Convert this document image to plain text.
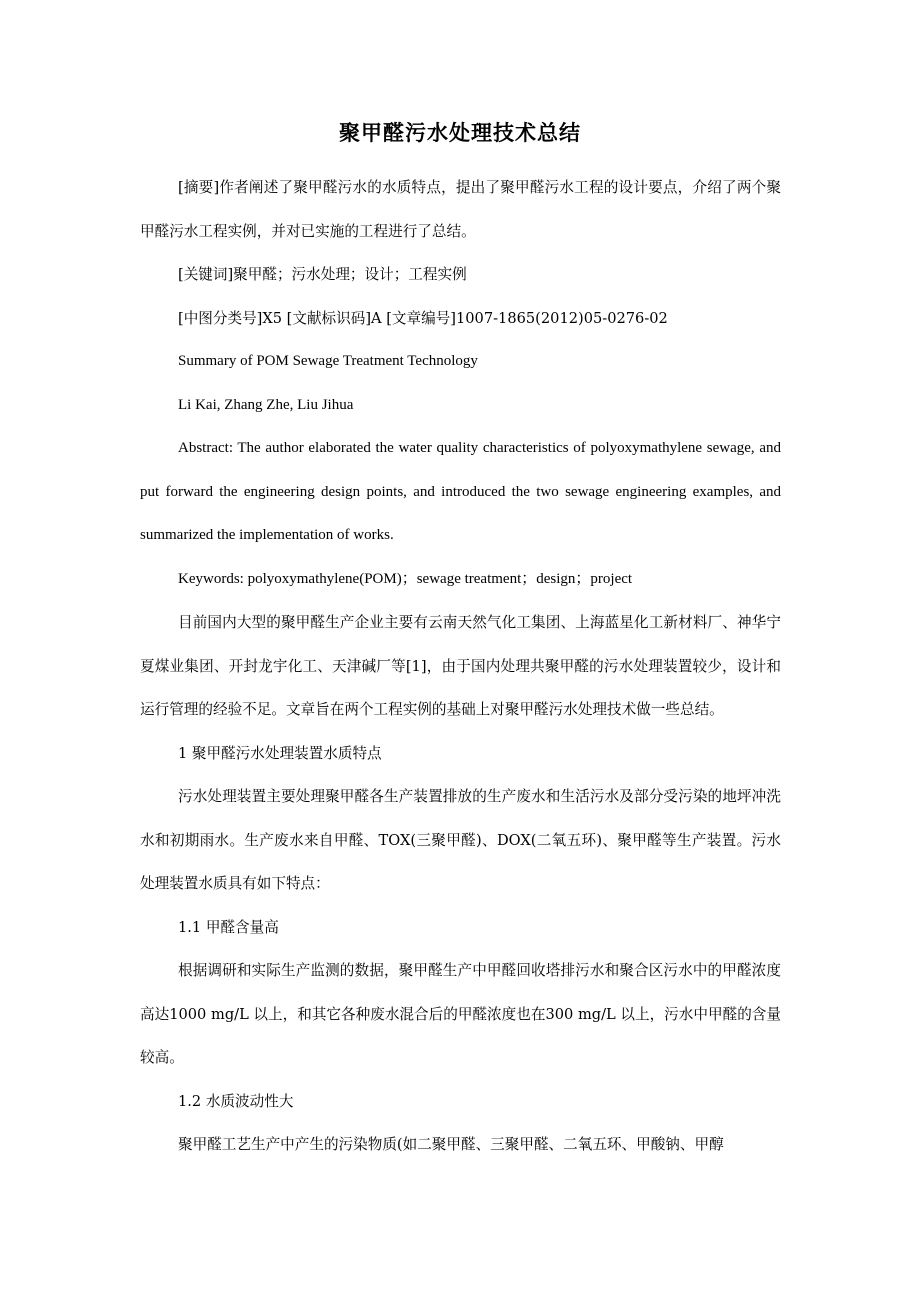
聚甲醛污水处理技术总结

[摘要]作者阐述了聚甲醛污水的水质特点，提出了聚甲醛污水工程的设计要点，介绍了两个聚甲醛污水工程实例，并对已实施的工程进行了总结。

[关键词]聚甲醛；污水处理；设计；工程实例

[中图分类号]X5 [文献标识码]A [文章编号]1007-1865(2012)05-0276-02

Summary of POM Sewage Treatment Technology

Li Kai, Zhang Zhe, Liu Jihua

Abstract: The author elaborated the water quality characteristics of polyoxymathylene sewage, and put forward the engineering design points, and introduced the two sewage engineering examples, and summarized the implementation of works.

Keywords: polyoxymathylene(POM)；sewage treatment；design；project

目前国内大型的聚甲醛生产企业主要有云南天然气化工集团、上海蓝星化工新材料厂、神华宁夏煤业集团、开封龙宇化工、天津碱厂等[1]，由于国内处理共聚甲醛的污水处理装置较少，设计和运行管理的经验不足。文章旨在两个工程实例的基础上对聚甲醛污水处理技术做一些总结。

1 聚甲醛污水处理装置水质特点

污水处理装置主要处理聚甲醛各生产装置排放的生产废水和生活污水及部分受污染的地坪冲洗水和初期雨水。生产废水来自甲醛、TOX(三聚甲醛)、DOX(二氧五环)、聚甲醛等生产装置。污水处理装置水质具有如下特点：

1.1 甲醛含量高

根据调研和实际生产监测的数据，聚甲醛生产中甲醛回收塔排污水和聚合区污水中的甲醛浓度高达1000 mg/L 以上，和其它各种废水混合后的甲醛浓度也在300 mg/L 以上，污水中甲醛的含量较高。

1.2 水质波动性大

聚甲醛工艺生产中产生的污染物质(如二聚甲醛、三聚甲醛、二氧五环、甲酸钠、甲醇
